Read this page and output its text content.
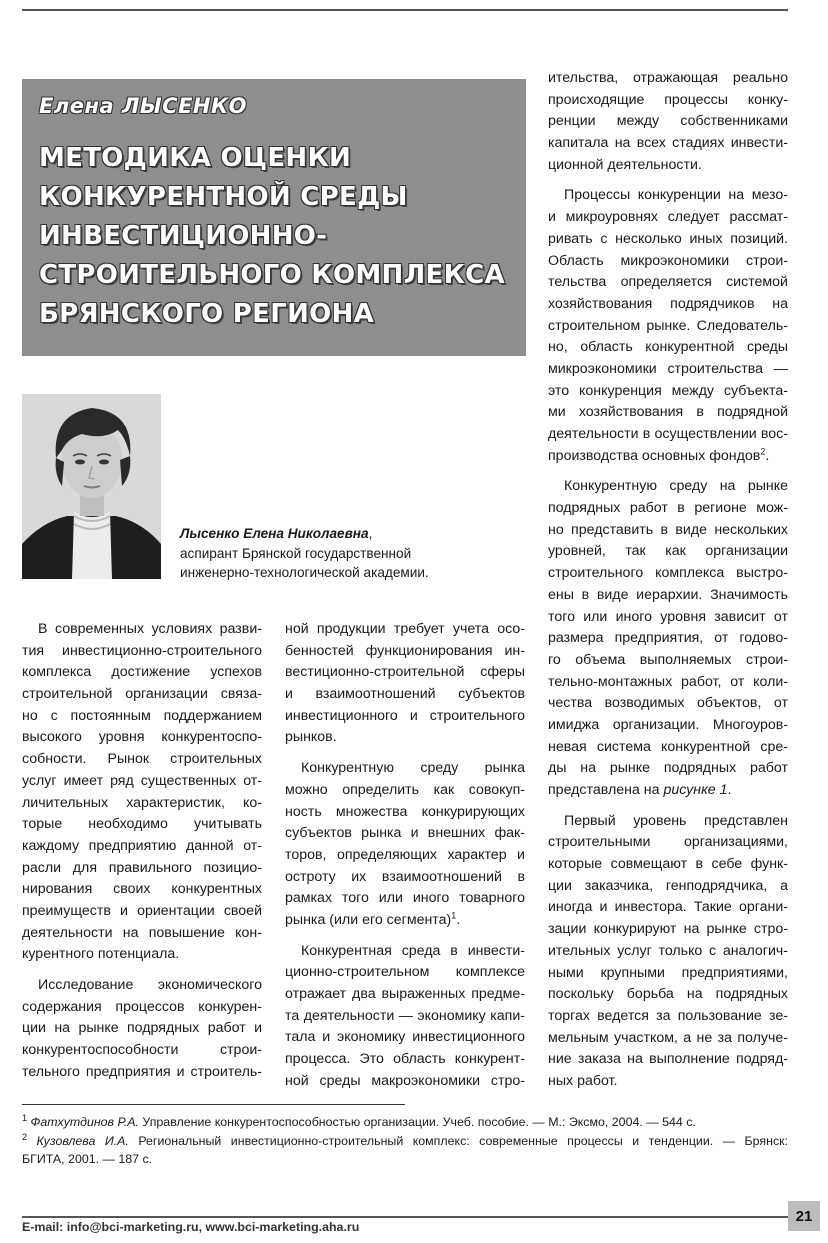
Елена ЛЫСЕНКО
МЕТОДИКА ОЦЕНКИ
КОНКУРЕНТНОЙ СРЕДЫ
ИНВЕСТИЦИОННО-
СТРОИТЕЛЬНОГО КОМПЛЕКСА
БРЯНСКОГО РЕГИОНА
Лысенко Елена Николаевна,
аспирант Брянской государственной
инженерно-технологической академии.
В современных условиях разви-
тия инвестиционно-строительного
комплекса достижение успехов
строительной организации связа-
но с постоянным поддержанием
высокого уровня конкурентоспо-
собности. Рынок строительных
услуг имеет ряд существенных от-
личительных характеристик, ко-
торые необходимо учитывать
каждому предприятию данной от-
расли для правильного позицио-
нирования своих конкурентных
преимуществ и ориентации своей
деятельности на повышение кон-
курентного потенциала.
Исследование экономического
содержания процессов конкурен-
ции на рынке подрядных работ и
конкурентоспособности строи-
тельного предприятия и строитель-
ной продукции требует учета осо-
бенностей функционирования ин-
вестиционно-строительной сферы
и взаимоотношений субъектов
инвестиционного и строительного
рынков.
Конкурентную среду рынка
можно определить как совокуп-
ность множества конкурирующих
субъектов рынка и внешних фак-
торов, определяющих характер и
остроту их взаимоотношений в
рамках того или иного товарного
рынка (или его сегмента)$^1$.
Конкурентная среда в инвести-
ционно-строительном комплексе
отражает два выраженных предме-
та деятельности — экономику капи-
тала и экономику инвестиционного
процесса. Это область конкурент-
ной среды макроэкономики стро-
ительства, отражающая реально
происходящие процессы конку-
ренции между собственниками
капитала на всех стадиях инвести-
ционной деятельности.
Процессы конкуренции на мезо-
и микроуровнях следует рассмат-
ривать с несколько иных позиций.
Область микроэкономики строи-
тельства определяется системой
хозяйствования подрядчиков на
строительном рынке. Следователь-
но, область конкурентной среды
микроэкономики строительства —
это конкуренция между субъекта-
ми хозяйствования в подрядной
деятельности в осуществлении вос-
производства основных фондов$^2$.
Конкурентную среду на рынке
подрядных работ в регионе мож-
но представить в виде нескольких
уровней, так как организации
строительного комплекса выстро-
ены в виде иерархии. Значимость
того или иного уровня зависит от
размера предприятия, от годово-
го объема выполняемых строи-
тельно-монтажных работ, от коли-
чества возводимых объектов, от
имиджа организации. Многоуров-
невая система конкурентной сре-
ды на рынке подрядных работ
представлена на рисунке 1.
Первый уровень представлен
строительными организациями,
которые совмещают в себе функ-
ции заказчика, генподрядчика, а
иногда и инвестора. Такие органи-
зации конкурируют на рынке стро-
ительных услуг только с аналогич-
ными крупными предприятиями,
поскольку борьба на подрядных
торгах ведется за пользование зе-
мельным участком, а не за получе-
ние заказа на выполнение подряд-
ных работ.
$^1$ Фатхутдинов Р.А. Управление конкурентоспособностью организации. Учеб. пособие. — М.: Эксмо, 2004. — 544 с.
$^2$ Кузовлева И.А. Региональный инвестиционно-строительный комплекс: современные процессы и тенденции. — Брянск:
БГИТА, 2001. — 187 с.
E-mail: info@bci-marketing.ru, www.bci-marketing.aha.ru
21
